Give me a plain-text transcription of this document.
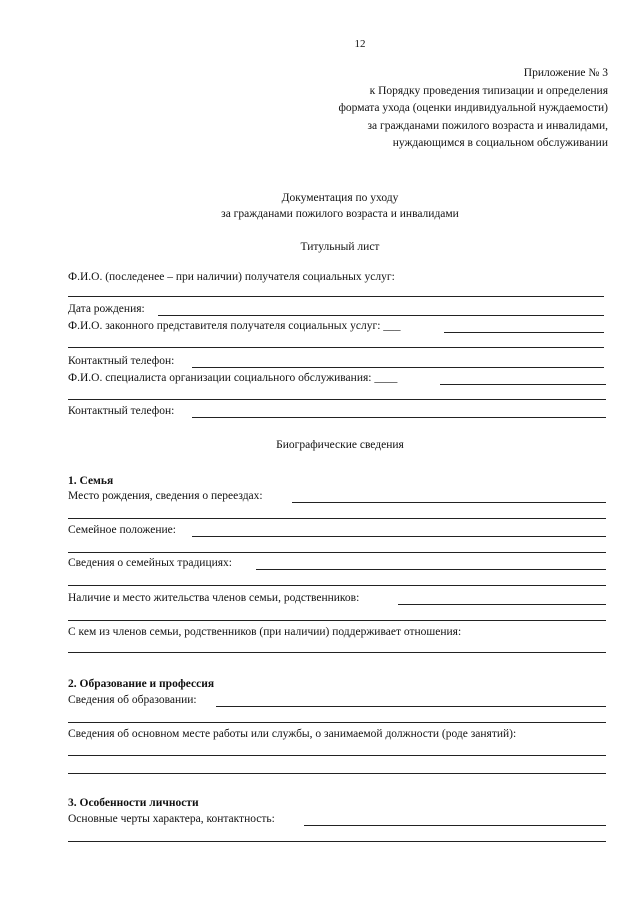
12
Приложение № 3
к Порядку проведения типизации и определения
формата ухода (оценки индивидуальной нуждаемости)
за гражданами пожилого возраста и инвалидами,
нуждающимся в социальном обслуживании
Документация по уходу
за гражданами пожилого возраста и инвалидами
Титульный лист
Ф.И.О. (последенее – при наличии) получателя социальных услуг:
Дата рождения:
Ф.И.О. законного представителя получателя социальных услуг: ___
Контактный телефон:
Ф.И.О. специалиста организации социального обслуживания: ____
Контактный телефон:
Биографические сведения
1. Семья
Место рождения, сведения о переездах:
Семейное положение:
Сведения о семейных традициях:
Наличие и место жительства членов семьи, родственников:
С кем из членов семьи, родственников (при наличии) поддерживает отношения:
2. Образование и профессия
Сведения об образовании:
Сведения об основном месте работы или службы, о занимаемой должности (роде занятий):
3. Особенности личности
Основные черты характера, контактность:
